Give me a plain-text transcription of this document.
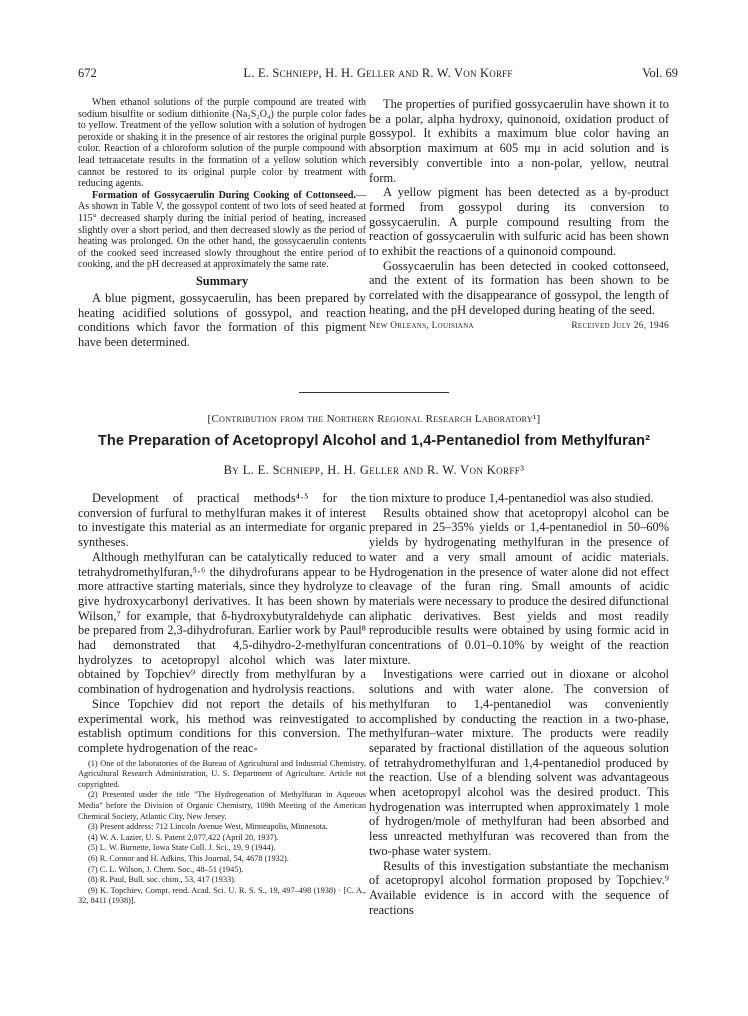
672	L. E. Schniepp, H. H. Geller and R. W. Von Korff	Vol. 69

When ethanol solutions of the purple compound are treated with sodium bisulfite or sodium dithionite (Na₂S₂O₄) the purple color fades to yellow. Treatment of the yellow solution with a solution of hydrogen peroxide or shaking it in the presence of air restores the original purple color. Reaction of a chloroform solution of the purple compound with lead tetraacetate results in the formation of a yellow solution which cannot be restored to its original purple color by treatment with reducing agents.

Formation of Gossycaerulin During Cooking of Cottonseed.—As shown in Table V, the gossypol content of two lots of seed heated at 115° decreased sharply during the initial period of heating, increased slightly over a short period, and then decreased slowly as the period of heating was prolonged. On the other hand, the gossycaerulin contents of the cooked seed increased slowly throughout the entire period of cooking, and the pH decreased at approximately the same rate.

Summary

A blue pigment, gossycaerulin, has been prepared by heating acidified solutions of gossypol, and reaction conditions which favor the formation of this pigment have been determined.

The properties of purified gossycaerulin have shown it to be a polar, alpha hydroxy, quinonoid, oxidation product of gossypol. It exhibits a maximum blue color having an absorption maximum at 605 mμ in acid solution and is reversibly convertible into a non-polar, yellow, neutral form.

A yellow pigment has been detected as a by-product formed from gossypol during its conversion to gossycaerulin. A purple compound resulting from the reaction of gossycaerulin with sulfuric acid has been shown to exhibit the reactions of a quinonoid compound.

Gossycaerulin has been detected in cooked cottonseed, and the extent of its formation has been shown to be correlated with the disappearance of gossypol, the length of heating, and the pH developed during heating of the seed.

New Orleans, Louisiana	Received July 26, 1946
[Contribution from the Northern Regional Research Laboratory¹]
The Preparation of Acetopropyl Alcohol and 1,4-Pentanediol from Methylfuran²
By L. E. Schniepp, H. H. Geller and R. W. Von Korff³

Development of practical methods⁴·⁵ for the conversion of furfural to methylfuran makes it of interest to investigate this material as an intermediate for organic syntheses.

Although methylfuran can be catalytically reduced to tetrahydromethylfuran,⁵·⁶ the dihydrofurans appear to be more attractive starting materials, since they hydrolyze to give hydroxycarbonyl derivatives. It has been shown by Wilson,⁷ for example, that δ-hydroxybutyraldehyde can be prepared from 2,3-dihydrofuran. Earlier work by Paul⁸ had demonstrated that 4,5-dihydro-2-methylfuran hydrolyzes to acetopropyl alcohol which was later obtained by Topchiev⁹ directly from methylfuran by a combination of hydrogenation and hydrolysis reactions.

Since Topchiev did not report the details of his experimental work, his method was reinvestigated to establish optimum conditions for this conversion. The complete hydrogenation of the reac-

(1) One of the laboratories of the Bureau of Agricultural and Industrial Chemistry, Agricultural Research Administration, U. S. Department of Agriculture. Article not copyrighted.

(2) Presented under the title "The Hydrogenation of Methylfuran in Aqueous Media" before the Division of Organic Chemistry, 109th Meeting of the American Chemical Society, Atlantic City, New Jersey.

(3) Present address: 712 Lincoln Avenue West, Minneapolis, Minnesota.

(4) W. A. Lazier, U. S. Patent 2,077,422 (April 20, 1937).

(5) L. W. Burnette, Iowa State Coll. J. Sci., 19, 9 (1944).

(6) R. Connor and H. Adkins, This Journal, 54, 4678 (1932).

(7) C. L. Wilson, J. Chem. Soc., 48–51 (1945).

(8) R. Paul, Bull. soc. chim., 53, 417 (1933).

(9) K. Topchiev, Compt. rend. Acad. Sci. U. R. S. S., 19, 497–498 (1938) · [C. A., 32, 8411 (1938)].

tion mixture to produce 1,4-pentanediol was also studied.

Results obtained show that acetopropyl alcohol can be prepared in 25–35% yields or 1,4-pentanediol in 50–60% yields by hydrogenating methylfuran in the presence of water and a very small amount of acidic materials. Hydrogenation in the presence of water alone did not effect cleavage of the furan ring. Small amounts of acidic materials were necessary to produce the desired difunctional aliphatic derivatives. Best yields and most readily reproducible results were obtained by using formic acid in concentrations of 0.01–0.10% by weight of the reaction mixture.

Investigations were carried out in dioxane or alcohol solutions and with water alone. The conversion of methylfuran to 1,4-pentanediol was conveniently accomplished by conducting the reaction in a two-phase, methylfuran–water mixture. The products were readily separated by fractional distillation of the aqueous solution of tetrahydromethylfuran and 1,4-pentanediol produced by the reaction. Use of a blending solvent was advantageous when acetopropyl alcohol was the desired product. This hydrogenation was interrupted when approximately 1 mole of hydrogen/mole of methylfuran had been absorbed and less unreacted methylfuran was recovered than from the two-phase water system.

Results of this investigation substantiate the mechanism of acetopropyl alcohol formation proposed by Topchiev.⁹ Available evidence is in accord with the sequence of reactions
